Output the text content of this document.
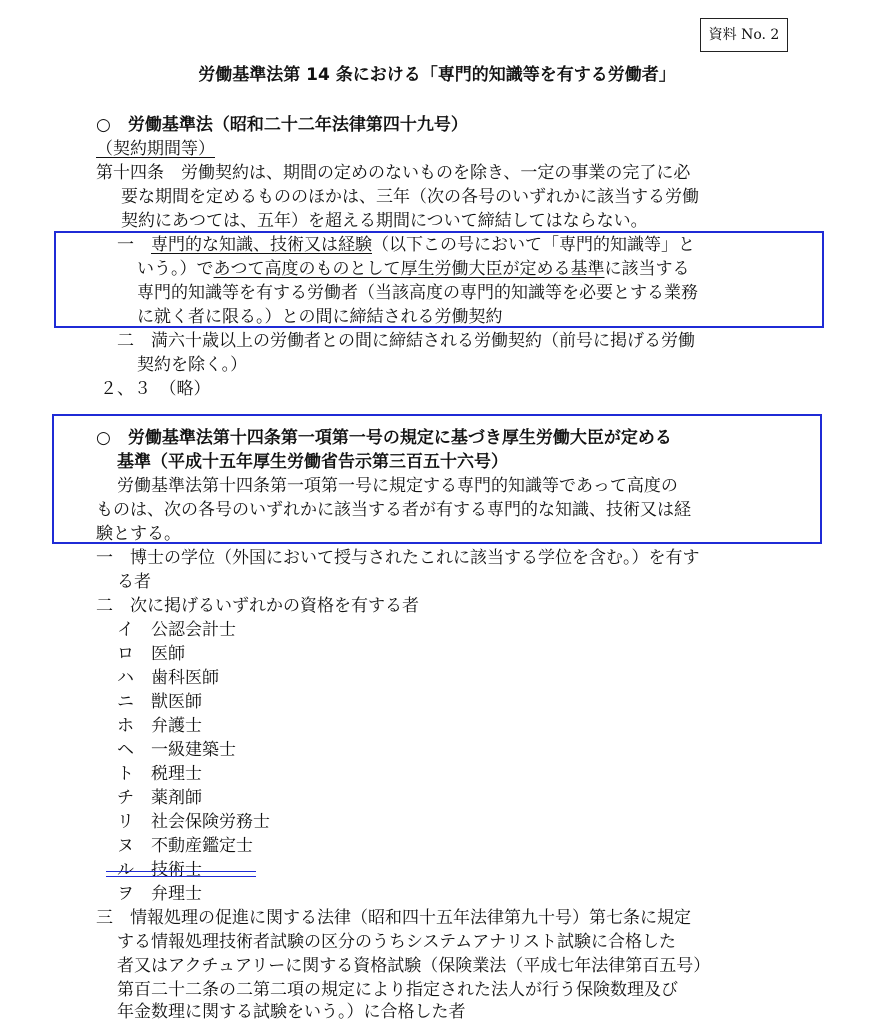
資料 No. 2
労働基準法第 14 条における「専門的知識等を有する労働者」
○　労働基準法（昭和二十二年法律第四十九号）
（契約期間等）
第十四条　労働契約は、期間の定めのないものを除き、一定の事業の完了に必
要な期間を定めるもののほかは、三年（次の各号のいずれかに該当する労働
契約にあつては、五年）を超える期間について締結してはならない。
一　専門的な知識、技術又は経験（以下この号において「専門的知識等」と
いう。）であつて高度のものとして厚生労働大臣が定める基準に該当する
専門的知識等を有する労働者（当該高度の専門的知識等を必要とする業務
に就く者に限る。）との間に締結される労働契約
二　満六十歳以上の労働者との間に締結される労働契約（前号に掲げる労働
契約を除く。）
２、３　（略）
○　労働基準法第十四条第一項第一号の規定に基づき厚生労働大臣が定める
基準（平成十五年厚生労働省告示第三百五十六号）
労働基準法第十四条第一項第一号に規定する専門的知識等であって高度の
ものは、次の各号のいずれかに該当する者が有する専門的な知識、技術又は経
験とする。
一　博士の学位（外国において授与されたこれに該当する学位を含む。）を有す
る者
二　次に掲げるいずれかの資格を有する者
イ　公認会計士
ロ　医師
ハ　歯科医師
ニ　獣医師
ホ　弁護士
ヘ　一級建築士
ト　税理士
チ　薬剤師
リ　社会保険労務士
ヌ　不動産鑑定士
ル　技術士
ヲ　弁理士
三　情報処理の促進に関する法律（昭和四十五年法律第九十号）第七条に規定
する情報処理技術者試験の区分のうちシステムアナリスト試験に合格した
者又はアクチュアリーに関する資格試験（保険業法（平成七年法律第百五号）
第百二十二条の二第二項の規定により指定された法人が行う保険数理及び
年金数理に関する試験をいう。）に合格した者
